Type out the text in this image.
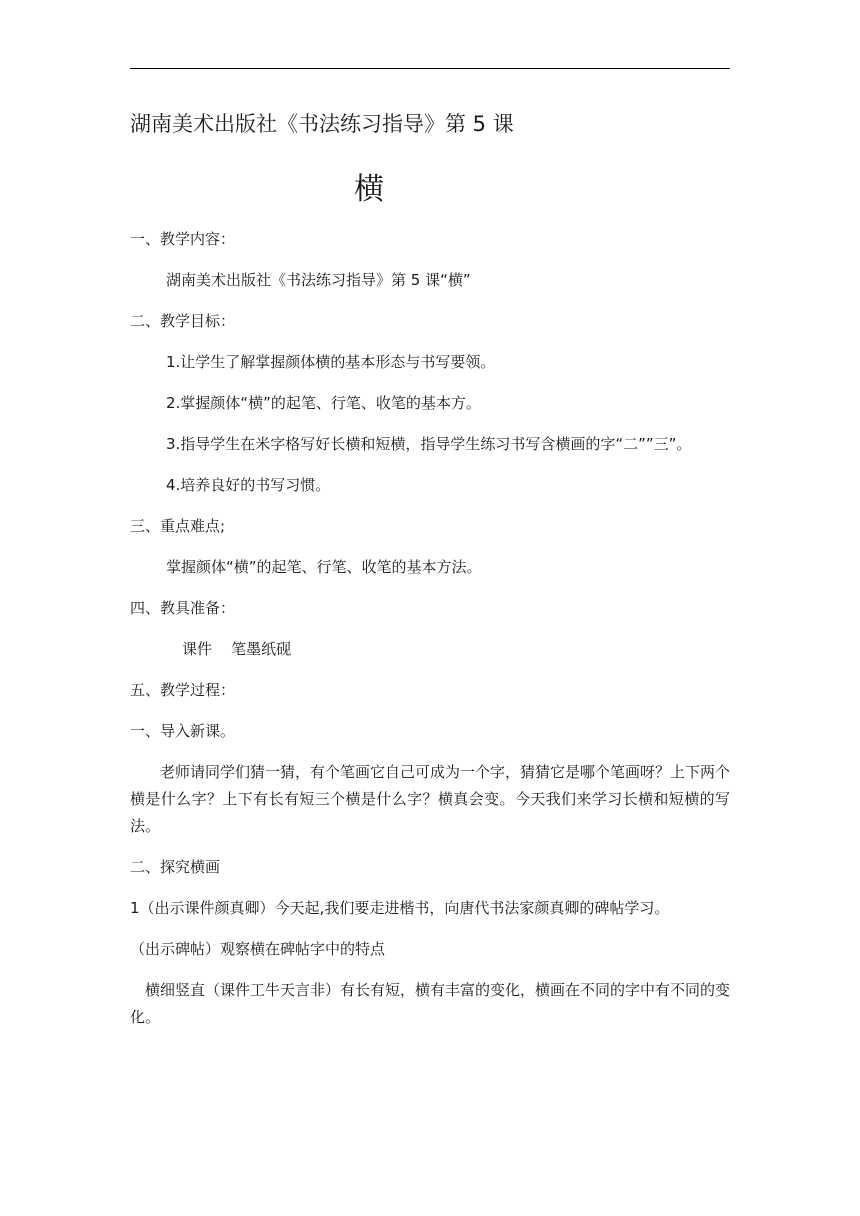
湖南美术出版社《书法练习指导》第 5 课
横

一、教学内容：

湖南美术出版社《书法练习指导》第 5 课“横”

二、教学目标：

1.让学生了解掌握颜体横的基本形态与书写要领。

2.掌握颜体“横”的起笔、行笔、收笔的基本方。

3.指导学生在米字格写好长横和短横，指导学生练习书写含横画的字“二””三”。

4.培养良好的书写习惯。

三、重点难点;

掌握颜体“横”的起笔、行笔、收笔的基本方法。

四、教具准备：

课件    笔墨纸砚

五、教学过程：

一、导入新课。

老师请同学们猜一猜，有个笔画它自己可成为一个字，猜猜它是哪个笔画呀？上下两个横是什么字？上下有长有短三个横是什么字？横真会变。今天我们来学习长横和短横的写法。

二、探究横画

1（出示课件颜真卿）今天起,我们要走进楷书，向唐代书法家颜真卿的碑帖学习。

（出示碑帖）观察横在碑帖字中的特点

横细竖直（课件工牛天言非）有长有短，横有丰富的变化，横画在不同的字中有不同的变化。
